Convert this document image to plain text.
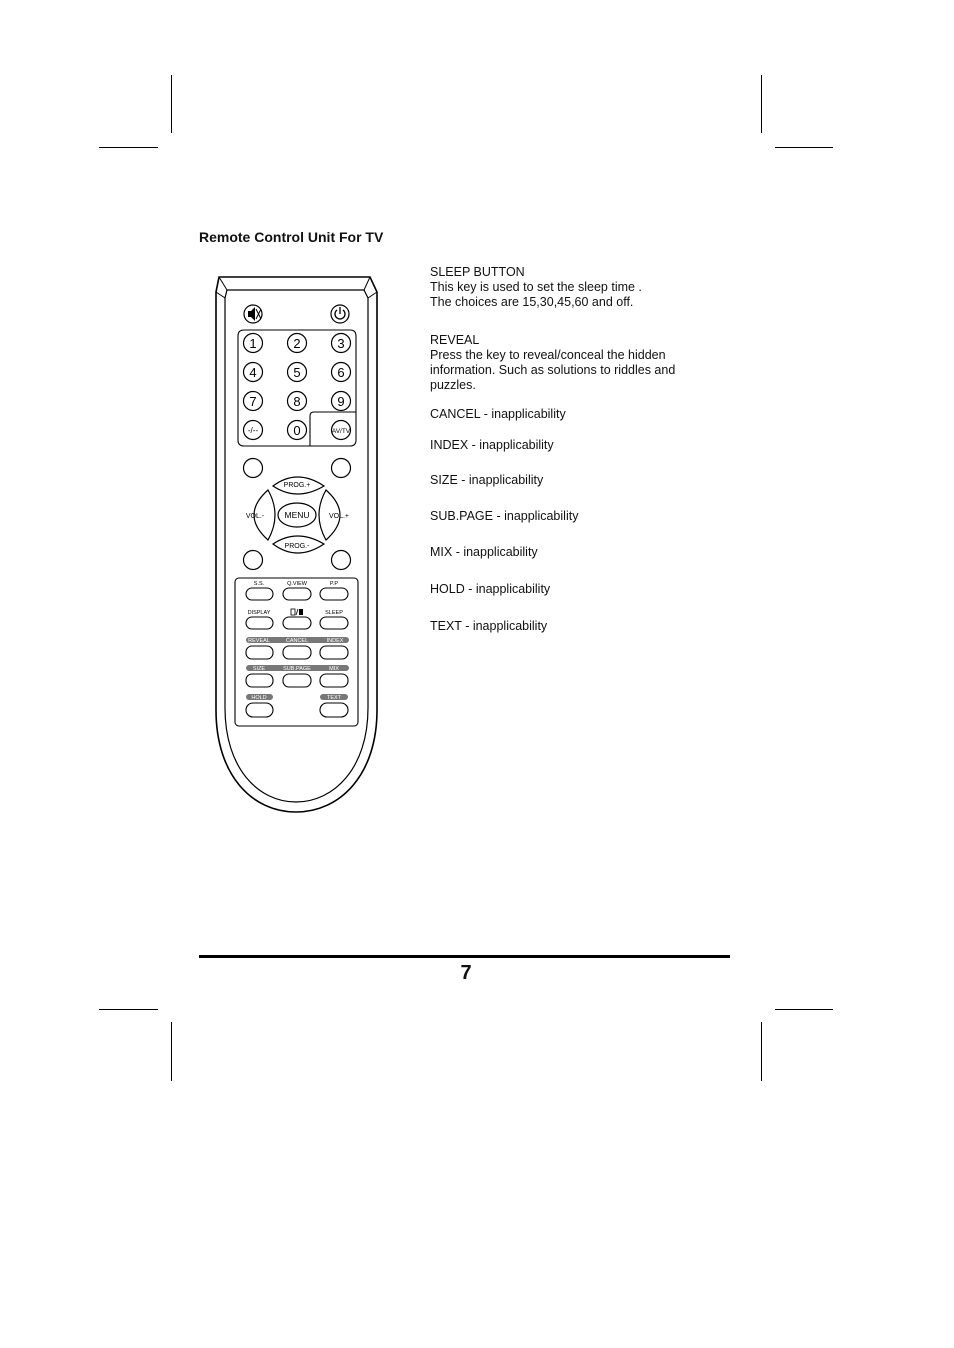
Remote Control Unit For TV
1	2	3
4	5	6
7	8	9
-/--	0	AV/TV
PROG.+
PROG.-
VOL.-	VOL.+
MENU
S.S.	Q.VIEW	P.P
DISPLAY	SLEEP
REVEAL	CANCEL	INDEX
SIZE	SUB.PAGE	MIX
HOLD	TEXT

SLEEP BUTTON

This key is used to set the sleep time .

The choices are 15,30,45,60 and off.

REVEAL

Press the key to reveal/conceal the hidden

information. Such as solutions to riddles and

puzzles.

CANCEL - inapplicability
INDEX - inapplicability
SIZE - inapplicability
SUB.PAGE - inapplicability
MIX - inapplicability
HOLD - inapplicability
TEXT - inapplicability
7
